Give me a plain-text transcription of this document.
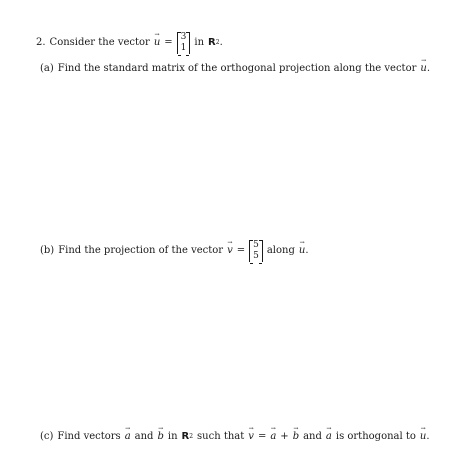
2. Consider the vector → u = 3
1 in R 2 .
(a) Find the standard matrix of the orthogonal projection along the vector → u .
(b) Find the projection of the vector → v = 5
5 along → u .
(c) Find vectors → a and → b in R 2 such that → v = → a + → b and → a is orthogonal to → u .
